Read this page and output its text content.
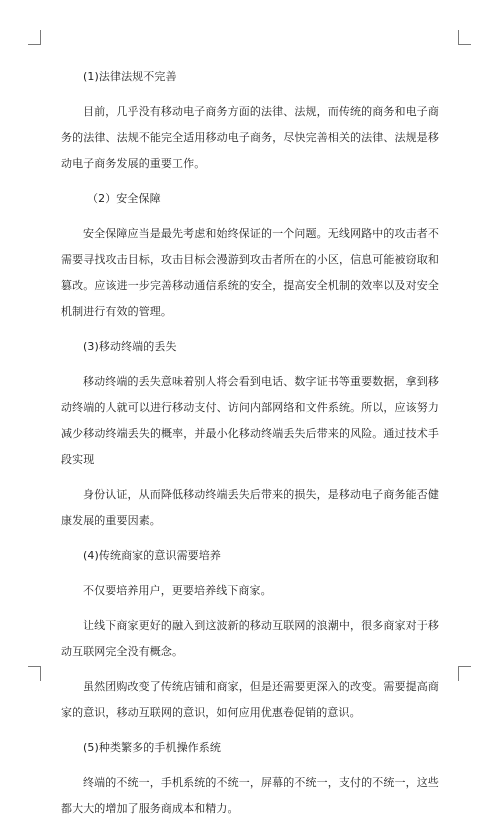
(1)法律法规不完善

目前，几乎没有移动电子商务方面的法律、法规，而传统的商务和电子商务的法律、法规不能完全适用移动电子商务，尽快完善相关的法律、法规是移动电子商务发展的重要工作。

（2）安全保障

安全保障应当是最先考虑和始终保证的一个问题。无线网路中的攻击者不需要寻找攻击目标，攻击目标会漫游到攻击者所在的小区，信息可能被窃取和篡改。应该进一步完善移动通信系统的安全，提高安全机制的效率以及对安全机制进行有效的管理。

(3)移动终端的丢失

移动终端的丢失意味着别人将会看到电话、数字证书等重要数据，拿到移动终端的人就可以进行移动支付、访问内部网络和文件系统。所以，应该努力减少移动终端丢失的概率，并最小化移动终端丢失后带来的风险。通过技术手段实现

身份认证，从而降低移动终端丢失后带来的损失，是移动电子商务能否健康发展的重要因素。

(4)传统商家的意识需要培养

不仅要培养用户，更要培养线下商家。

让线下商家更好的融入到这波新的移动互联网的浪潮中，很多商家对于移动互联网完全没有概念。

虽然团购改变了传统店铺和商家，但是还需要更深入的改变。需要提高商家的意识，移动互联网的意识，如何应用优惠卷促销的意识。

(5)种类繁多的手机操作系统

终端的不统一，手机系统的不统一，屏幕的不统一，支付的不统一，这些都大大的增加了服务商成本和精力。
